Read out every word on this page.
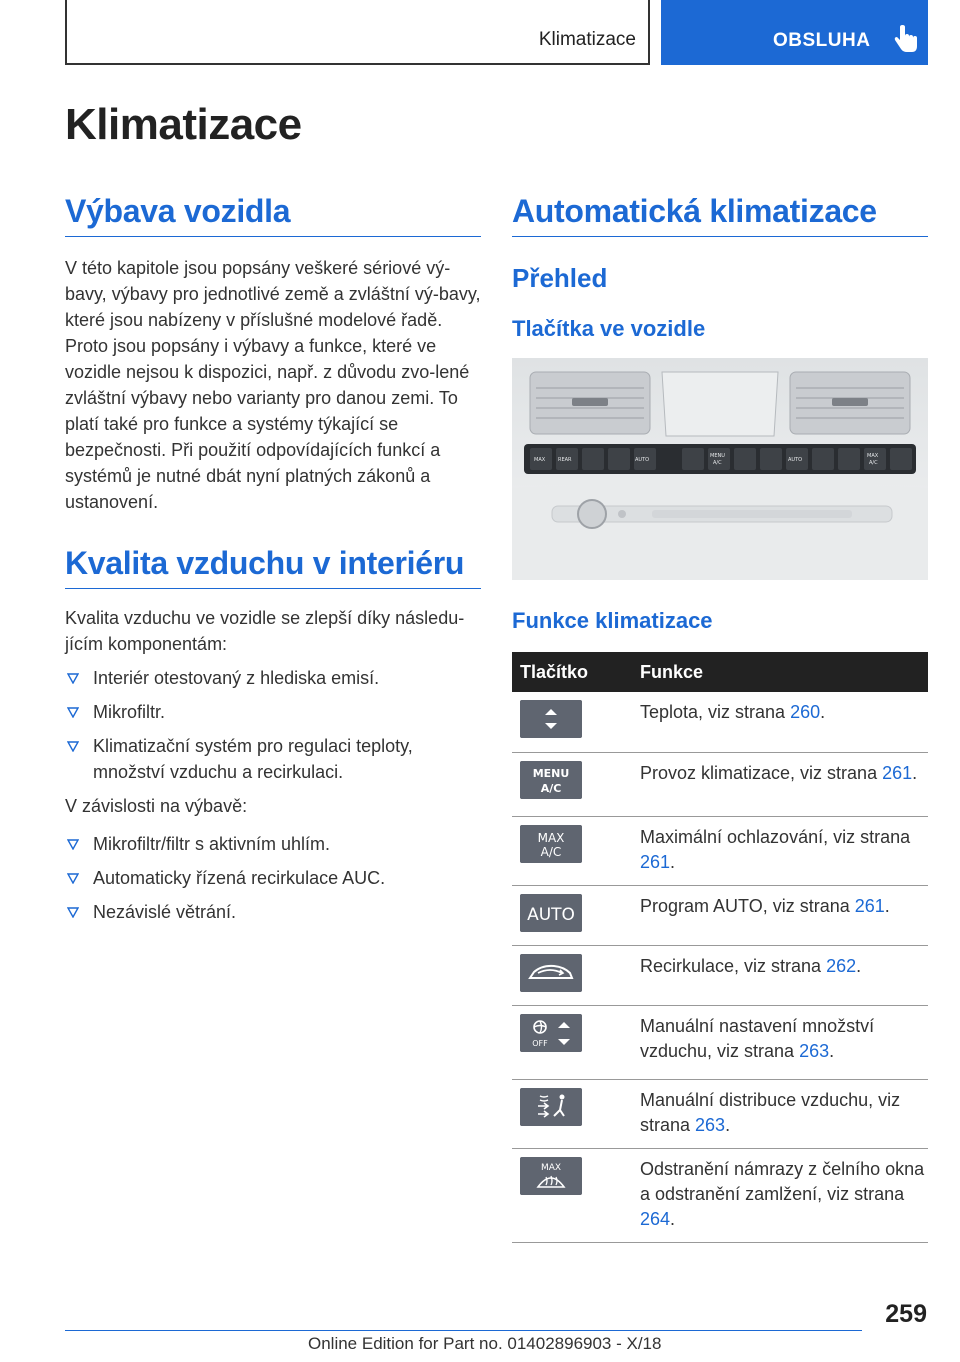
Klimatizace	OBSLUHA
Klimatizace
Výbava vozidla

V této kapitole jsou popsány veškeré sériové vý-bavy, výbavy pro jednotlivé země a zvláštní vý-bavy, které jsou nabízeny v příslušné modelové řadě. Proto jsou popsány i výbavy a funkce, které ve vozidle nejsou k dispozici, např. z důvodu zvo-lené zvláštní výbavy nebo varianty pro danou zemi. To platí také pro funkce a systémy týkající se bezpečnosti. Při použití odpovídajících funkcí a systémů je nutné dbát nyní platných zákonů a ustanovení.

Kvalita vzduchu v interiéru

Kvalita vzduchu ve vozidle se zlepší díky následu-jícím komponentám:

Interiér otestovaný z hlediska emisí.
Mikrofiltr.
Klimatizační systém pro regulaci teploty, množství vzduchu a recirkulaci.

V závislosti na výbavě:

Mikrofiltr/filtr s aktivním uhlím.
Automaticky řízená recirkulace AUC.
Nezávislé větrání.
Automatická klimatizace
Přehled
Tlačítka ve vozidle
MAX	REAR	AUTO
MENU
A/C	AUTO
MAX
A/C
Funkce klimatizace
Tlačítko	Funkce

	Teplota, viz strana 260.

MENU
A/C	Provoz klimatizace, viz strana 261.

MAX
A/C	Maximální ochlazování, viz strana 261.

AUTO	Program AUTO, viz strana 261.

	Recirkulace, viz strana 262.

OFF	Manuální nastavení množství vzduchu, viz strana 263.

	Manuální distribuce vzduchu, viz strana 263.

MAX	Odstranění námrazy z čelního okna a odstranění zamlžení, viz strana 264.
259
Online Edition for Part no. 01402896903 - X/18
